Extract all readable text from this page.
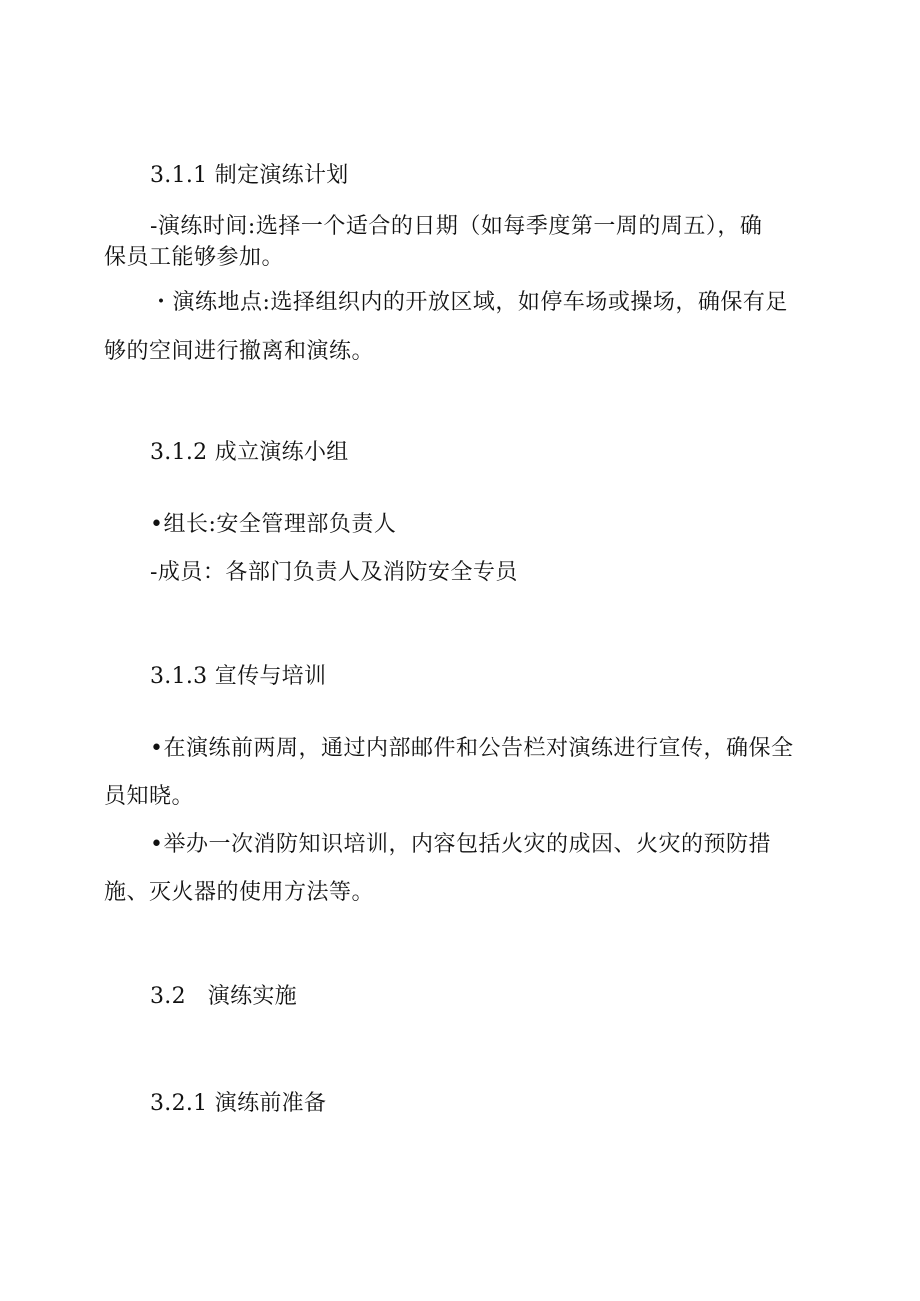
3.1.1 制定演练计划
-演练时间:选择一个适合的日期（如每季度第一周的周五），确
保员工能够参加。
・演练地点:选择组织内的开放区域，如停车场或操场，确保有足
够的空间进行撤离和演练。
3.1.2 成立演练小组
•组长:安全管理部负责人
-成员：各部门负责人及消防安全专员
3.1.3 宣传与培训
•在演练前两周，通过内部邮件和公告栏对演练进行宣传，确保全
员知晓。
•举办一次消防知识培训，内容包括火灾的成因、火灾的预防措
施、灭火器的使用方法等。
3.2   演练实施
3.2.1 演练前准备
